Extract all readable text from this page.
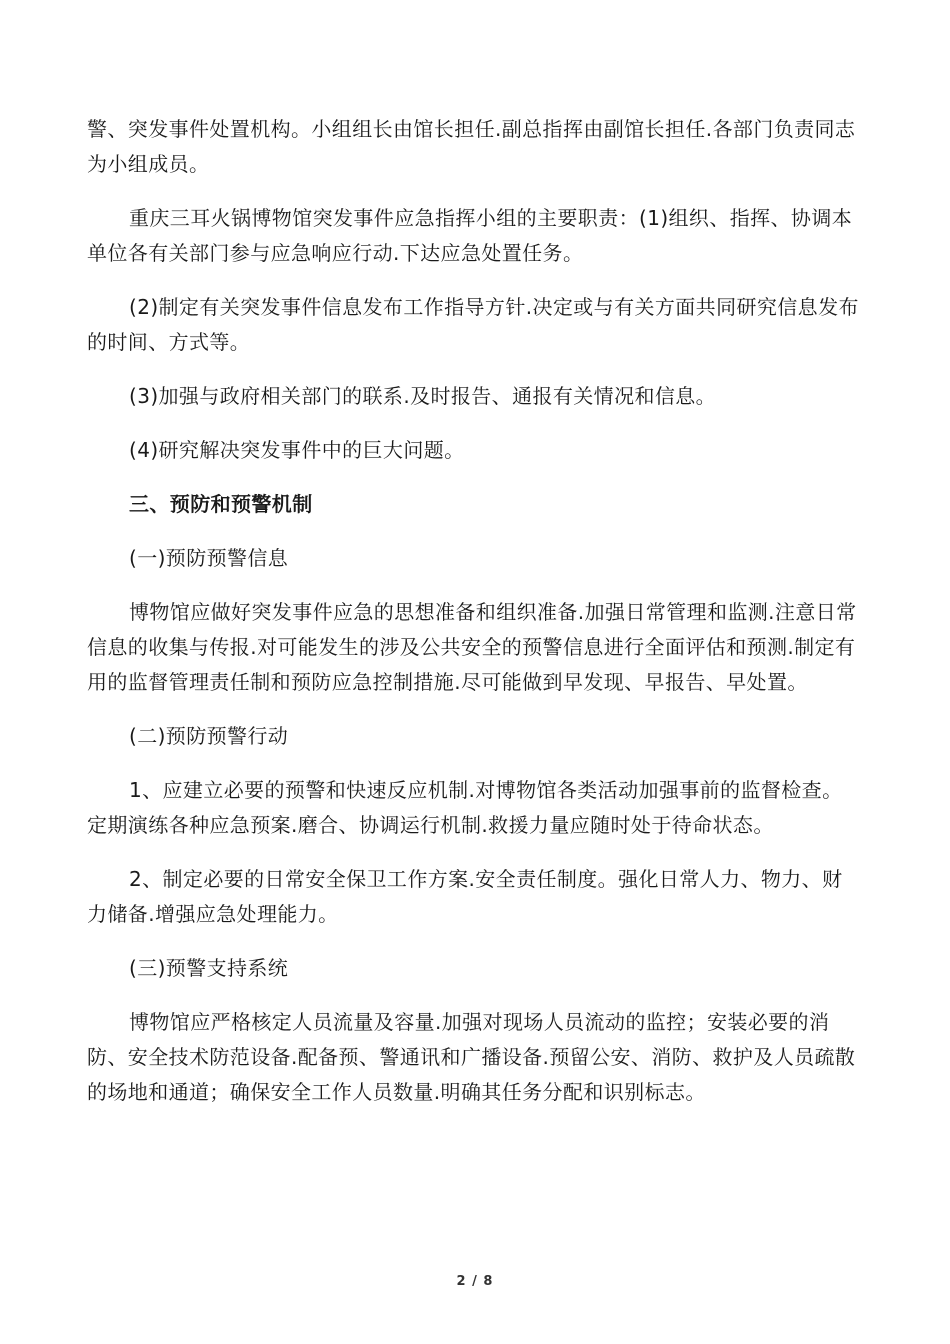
警、突发事件处置机构。小组组长由馆长担任.副总指挥由副馆长担任.各部门负责同志为小组成员。

重庆三耳火锅博物馆突发事件应急指挥小组的主要职责：(1)组织、指挥、协调本单位各有关部门参与应急响应行动.下达应急处置任务。

(2)制定有关突发事件信息发布工作指导方针.决定或与有关方面共同研究信息发布的时间、方式等。

(3)加强与政府相关部门的联系.及时报告、通报有关情况和信息。

(4)研究解决突发事件中的巨大问题。

三、预防和预警机制

(一)预防预警信息

博物馆应做好突发事件应急的思想准备和组织准备.加强日常管理和监测.注意日常信息的收集与传报.对可能发生的涉及公共安全的预警信息进行全面评估和预测.制定有用的监督管理责任制和预防应急控制措施.尽可能做到早发现、早报告、早处置。

(二)预防预警行动

1、应建立必要的预警和快速反应机制.对博物馆各类活动加强事前的监督检查。定期演练各种应急预案.磨合、协调运行机制.救援力量应随时处于待命状态。

2、制定必要的日常安全保卫工作方案.安全责任制度。强化日常人力、物力、财力储备.增强应急处理能力。

(三)预警支持系统

博物馆应严格核定人员流量及容量.加强对现场人员流动的监控；安装必要的消防、安全技术防范设备.配备预、警通讯和广播设备.预留公安、消防、救护及人员疏散的场地和通道；确保安全工作人员数量.明确其任务分配和识别标志。

2 / 8
